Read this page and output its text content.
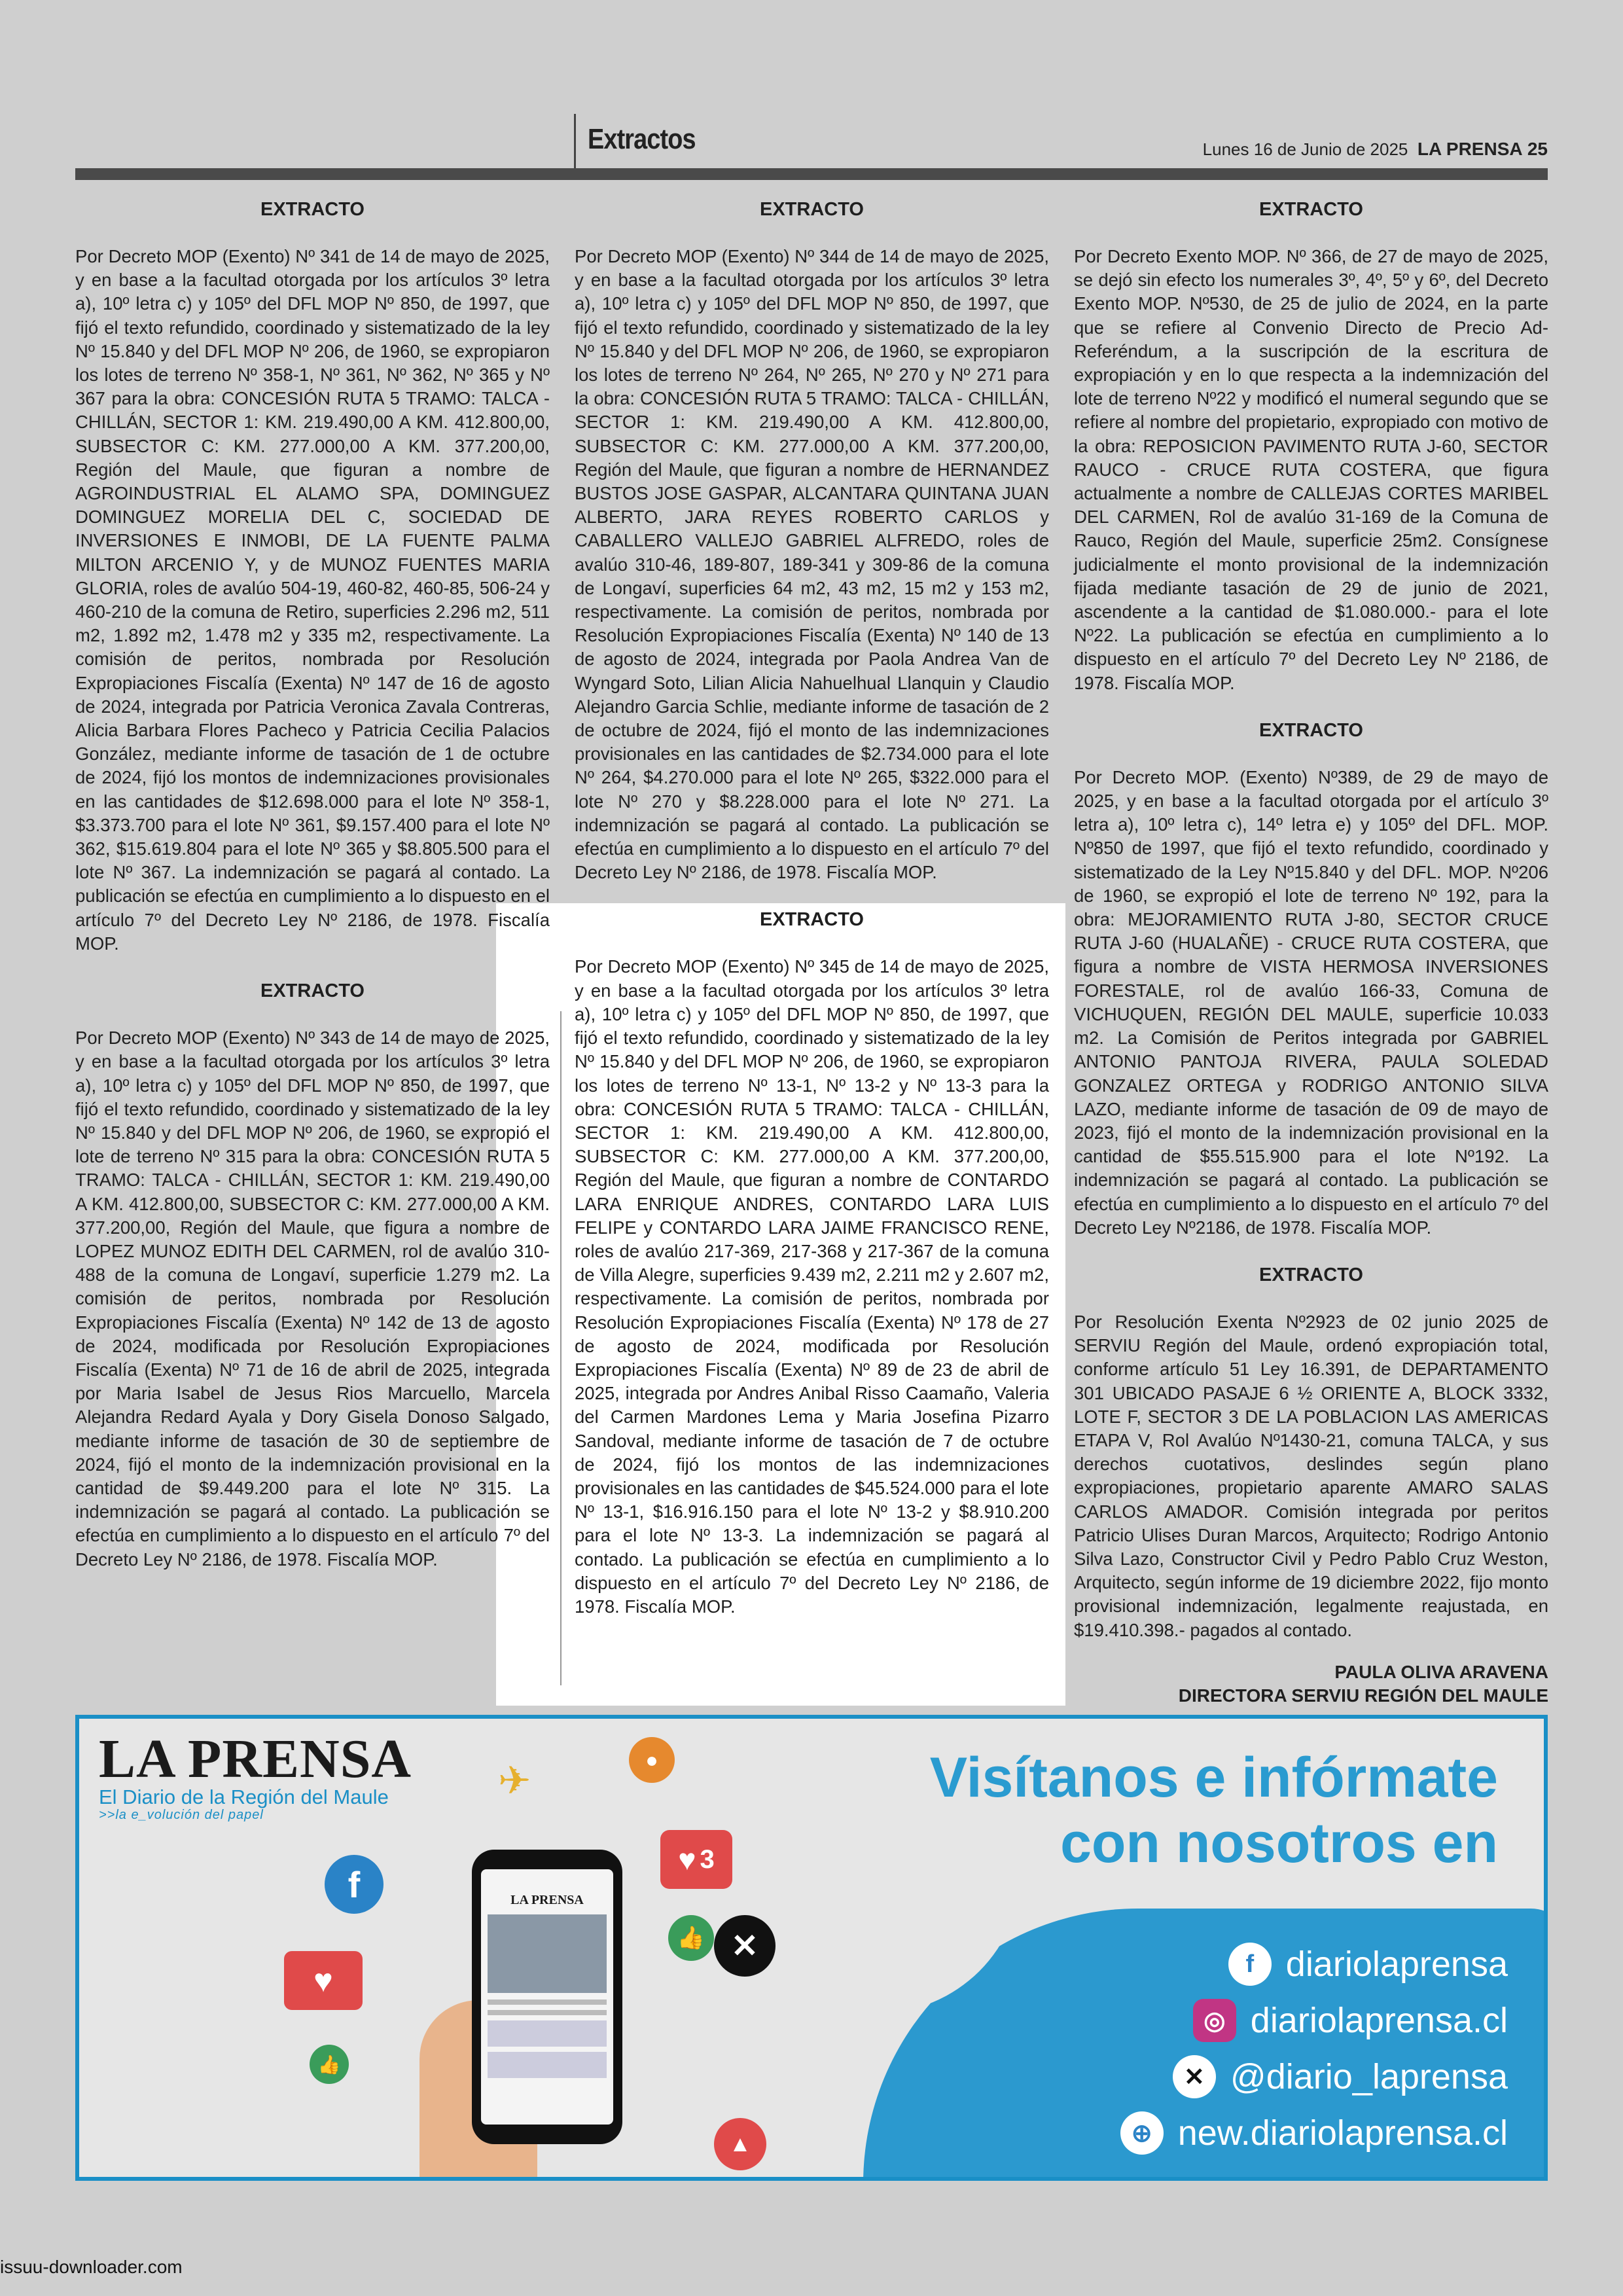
Extractos	Lunes 16 de Junio de 2025 LA PRENSA 25
EXTRACTO

Por Decreto MOP (Exento) Nº 341 de 14 de mayo de 2025, y en base a la facultad otorgada por los artículos 3º letra a), 10º letra c) y 105º del DFL MOP Nº 850, de 1997, que fijó el texto refundido, coordinado y sistematizado de la ley Nº 15.840 y del DFL MOP Nº 206, de 1960, se expropiaron los lotes de terreno Nº 358-1, Nº 361, Nº 362, Nº 365 y Nº 367 para la obra: CONCESIÓN RUTA 5 TRAMO: TALCA - CHILLÁN, SECTOR 1: KM. 219.490,00 A KM. 412.800,00, SUBSECTOR C: KM. 277.000,00 A KM. 377.200,00, Región del Maule, que figuran a nombre de AGROINDUSTRIAL EL ALAMO SPA, DOMINGUEZ DOMINGUEZ MORELIA DEL C, SOCIEDAD DE INVERSIONES E INMOBI, DE LA FUENTE PALMA MILTON ARCENIO Y, y de MUNOZ FUENTES MARIA GLORIA, roles de avalúo 504-19, 460-82, 460-85, 506-24 y 460-210 de la comuna de Retiro, superficies 2.296 m2, 511 m2, 1.892 m2, 1.478 m2 y 335 m2, respectivamente. La comisión de peritos, nombrada por Resolución Expropiaciones Fiscalía (Exenta) Nº 147 de 16 de agosto de 2024, integrada por Patricia Veronica Zavala Contreras, Alicia Barbara Flores Pacheco y Patricia Cecilia Palacios González, mediante informe de tasación de 1 de octubre de 2024, fijó los montos de indemnizaciones provisionales en las cantidades de $12.698.000 para el lote Nº 358-1, $3.373.700 para el lote Nº 361, $9.157.400 para el lote Nº 362, $15.619.804 para el lote Nº 365 y $8.805.500 para el lote Nº 367. La indemnización se pagará al contado. La publicación se efectúa en cumplimiento a lo dispuesto en el artículo 7º del Decreto Ley Nº 2186, de 1978. Fiscalía MOP.

EXTRACTO

Por Decreto MOP (Exento) Nº 343 de 14 de mayo de 2025, y en base a la facultad otorgada por los artículos 3º letra a), 10º letra c) y 105º del DFL MOP Nº 850, de 1997, que fijó el texto refundido, coordinado y sistematizado de la ley Nº 15.840 y del DFL MOP Nº 206, de 1960, se expropió el lote de terreno Nº 315 para la obra: CONCESIÓN RUTA 5 TRAMO: TALCA - CHILLÁN, SECTOR 1: KM. 219.490,00 A KM. 412.800,00, SUBSECTOR C: KM. 277.000,00 A KM. 377.200,00, Región del Maule, que figura a nombre de LOPEZ MUNOZ EDITH DEL CARMEN, rol de avalúo 310-488 de la comuna de Longaví, superficie 1.279 m2. La comisión de peritos, nombrada por Resolución Expropiaciones Fiscalía (Exenta) Nº 142 de 13 de agosto de 2024, modificada por Resolución Expropiaciones Fiscalía (Exenta) Nº 71 de 16 de abril de 2025, integrada por Maria Isabel de Jesus Rios Marcuello, Marcela Alejandra Redard Ayala y Dory Gisela Donoso Salgado, mediante informe de tasación de 30 de septiembre de 2024, fijó el monto de la indemnización provisional en la cantidad de $9.449.200 para el lote Nº 315. La indemnización se pagará al contado. La publicación se efectúa en cumplimiento a lo dispuesto en el artículo 7º del Decreto Ley Nº 2186, de 1978. Fiscalía MOP.

EXTRACTO

Por Decreto MOP (Exento) Nº 344 de 14 de mayo de 2025, y en base a la facultad otorgada por los artículos 3º letra a), 10º letra c) y 105º del DFL MOP Nº 850, de 1997, que fijó el texto refundido, coordinado y sistematizado de la ley Nº 15.840 y del DFL MOP Nº 206, de 1960, se expropiaron los lotes de terreno Nº 264, Nº 265, Nº 270 y Nº 271 para la obra: CONCESIÓN RUTA 5 TRAMO: TALCA - CHILLÁN, SECTOR 1: KM. 219.490,00 A KM. 412.800,00, SUBSECTOR C: KM. 277.000,00 A KM. 377.200,00, Región del Maule, que figuran a nombre de HERNANDEZ BUSTOS JOSE GASPAR, ALCANTARA QUINTANA JUAN ALBERTO, JARA REYES ROBERTO CARLOS y CABALLERO VALLEJO GABRIEL ALFREDO, roles de avalúo 310-46, 189-807, 189-341 y 309-86 de la comuna de Longaví, superficies 64 m2, 43 m2, 15 m2 y 153 m2, respectivamente. La comisión de peritos, nombrada por Resolución Expropiaciones Fiscalía (Exenta) Nº 140 de 13 de agosto de 2024, integrada por Paola Andrea Van de Wyngard Soto, Lilian Alicia Nahuelhual Llanquin y Claudio Alejandro Garcia Schlie, mediante informe de tasación de 2 de octubre de 2024, fijó el monto de las indemnizaciones provisionales en las cantidades de $2.734.000 para el lote Nº 264, $4.270.000 para el lote Nº 265, $322.000 para el lote Nº 270 y $8.228.000 para el lote Nº 271. La indemnización se pagará al contado. La publicación se efectúa en cumplimiento a lo dispuesto en el artículo 7º del Decreto Ley Nº 2186, de 1978. Fiscalía MOP.

EXTRACTO

Por Decreto MOP (Exento) Nº 345 de 14 de mayo de 2025, y en base a la facultad otorgada por los artículos 3º letra a), 10º letra c) y 105º del DFL MOP Nº 850, de 1997, que fijó el texto refundido, coordinado y sistematizado de la ley Nº 15.840 y del DFL MOP Nº 206, de 1960, se expropiaron los lotes de terreno Nº 13-1, Nº 13-2 y Nº 13-3 para la obra: CONCESIÓN RUTA 5 TRAMO: TALCA - CHILLÁN, SECTOR 1: KM. 219.490,00 A KM. 412.800,00, SUBSECTOR C: KM. 277.000,00 A KM. 377.200,00, Región del Maule, que figuran a nombre de CONTARDO LARA ENRIQUE ANDRES, CONTARDO LARA LUIS FELIPE y CONTARDO LARA JAIME FRANCISCO RENE, roles de avalúo 217-369, 217-368 y 217-367 de la comuna de Villa Alegre, superficies 9.439 m2, 2.211 m2 y 2.607 m2, respectivamente. La comisión de peritos, nombrada por Resolución Expropiaciones Fiscalía (Exenta) Nº 178 de 27 de agosto de 2024, modificada por Resolución Expropiaciones Fiscalía (Exenta) Nº 89 de 23 de abril de 2025, integrada por Andres Anibal Risso Caamaño, Valeria del Carmen Mardones Lema y Maria Josefina Pizarro Sandoval, mediante informe de tasación de 7 de octubre de 2024, fijó los montos de las indemnizaciones provisionales en las cantidades de $45.524.000 para el lote Nº 13-1, $16.916.150 para el lote Nº 13-2 y $8.910.200 para el lote Nº 13-3. La indemnización se pagará al contado. La publicación se efectúa en cumplimiento a lo dispuesto en el artículo 7º del Decreto Ley Nº 2186, de 1978. Fiscalía MOP.

EXTRACTO

Por Decreto Exento MOP. Nº 366, de 27 de mayo de 2025, se dejó sin efecto los numerales 3º, 4º, 5º y 6º, del Decreto Exento MOP. Nº530, de 25 de julio de 2024, en la parte que se refiere al Convenio Directo de Precio Ad-Referéndum, a la suscripción de la escritura de expropiación y en lo que respecta a la indemnización del lote de terreno Nº22 y modificó el numeral segundo que se refiere al nombre del propietario, expropiado con motivo de la obra: REPOSICION PAVIMENTO RUTA J-60, SECTOR RAUCO - CRUCE RUTA COSTERA, que figura actualmente a nombre de CALLEJAS CORTES MARIBEL DEL CARMEN, Rol de avalúo 31-169 de la Comuna de Rauco, Región del Maule, superficie 25m2. Consígnese judicialmente el monto provisional de la indemnización fijada mediante tasación de 29 de junio de 2021, ascendente a la cantidad de $1.080.000.- para el lote Nº22. La publicación se efectúa en cumplimiento a lo dispuesto en el artículo 7º del Decreto Ley Nº 2186, de 1978. Fiscalía MOP.

EXTRACTO

Por Decreto MOP. (Exento) Nº389, de 29 de mayo de 2025, y en base a la facultad otorgada por el artículo 3º letra a), 10º letra c), 14º letra e) y 105º del DFL. MOP. Nº850 de 1997, que fijó el texto refundido, coordinado y sistematizado de la Ley Nº15.840 y del DFL. MOP. Nº206 de 1960, se expropió el lote de terreno Nº 192, para la obra: MEJORAMIENTO RUTA J-80, SECTOR CRUCE RUTA J-60 (HUALAÑE) - CRUCE RUTA COSTERA, que figura a nombre de VISTA HERMOSA INVERSIONES FORESTALE, rol de avalúo 166-33, Comuna de VICHUQUEN, REGIÓN DEL MAULE, superficie 10.033 m2. La Comisión de Peritos integrada por GABRIEL ANTONIO PANTOJA RIVERA, PAULA SOLEDAD GONZALEZ ORTEGA y RODRIGO ANTONIO SILVA LAZO, mediante informe de tasación de 09 de mayo de 2023, fijó el monto de la indemnización provisional en la cantidad de $55.515.900 para el lote Nº192. La indemnización se pagará al contado. La publicación se efectúa en cumplimiento a lo dispuesto en el artículo 7º del Decreto Ley Nº2186, de 1978. Fiscalía MOP.

EXTRACTO

Por Resolución Exenta Nº2923 de 02 junio 2025 de SERVIU Región del Maule, ordenó expropiación total, conforme artículo 51 Ley 16.391, de DEPARTAMENTO 301 UBICADO PASAJE 6 ½ ORIENTE A, BLOCK 3332, LOTE F, SECTOR 3 DE LA POBLACION LAS AMERICAS ETAPA V, Rol Avalúo Nº1430-21, comuna TALCA, y sus derechos cuotativos, deslindes según plano expropiaciones, propietario aparente AMARO SALAS CARLOS AMADOR. Comisión integrada por peritos Patricio Ulises Duran Marcos, Arquitecto; Rodrigo Antonio Silva Lazo, Constructor Civil y Pedro Pablo Cruz Weston, Arquitecto, según informe de 19 diciembre 2022, fijo monto provisional indemnización, legalmente reajustada, en $19.410.398.- pagados al contado.

PAULA OLIVA ARAVENA
DIRECTORA SERVIU REGIÓN DEL MAULE
LA PRENSA
El Diario de la Región del Maule
>>la e_volución del papel
Visítanos e infórmate
con nosotros en
f
♥
♥ 3
●
👍
▲
👍
✕
✈
LA PRENSA
f diariolaprensa
◎ diariolaprensa.cl
✕ @diario_laprensa
⊕ new.diariolaprensa.cl
issuu-downloader.com
